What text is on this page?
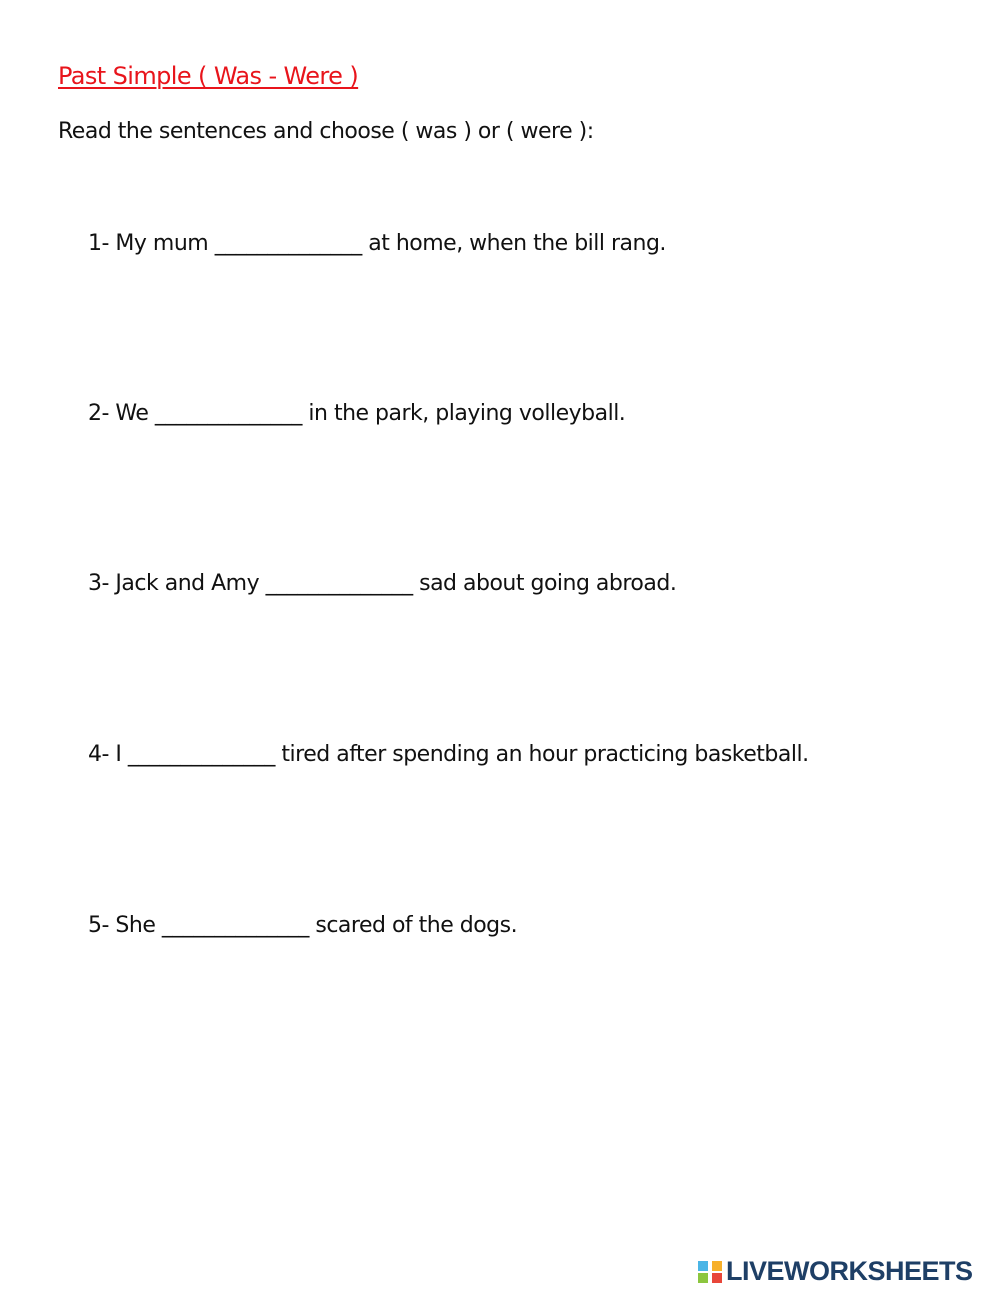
Past Simple ( Was - Were )
Read the sentences and choose ( was ) or ( were ):
1- My mum ______________ at home, when the bill rang.
2- We ______________ in the park, playing volleyball.
3- Jack and Amy ______________ sad about going abroad.
4- I ______________ tired after spending an hour practicing basketball.
5- She ______________ scared of the dogs.
LIVEWORKSHEETS
